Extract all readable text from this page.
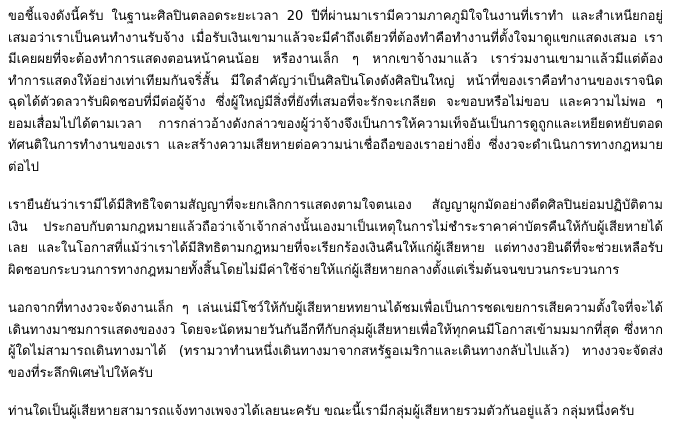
ขอชี้แจงดังนี้ครับ ในฐานะศิลปินตลอดระยะเวลา 20 ปีที่ผ่านมาเรามีความภาคภูมิใจในงานที่เราทำ และสำเหนียกอยู่เสมอว่าเราเป็นคนทำงานรับจ้าง เมื่อรับเงินเขามาแล้วจะมีคำถึงเดียวที่ต้องทำคือทำงานที่ตั้งใจมาดูแขกแสดงเสมอ เรามีเคยผยที่จะต้องทำการแสดงตอนหน้าคนน้อย หรืองานเล็ก ๆ หากเขาจ้างมาแล้ว เราร่วมงานเขามาแล้วมีแต่ต้องทำการแสดงให้อย่างเท่าเทียมกันจริ่สั้น มีใดลำคัญว่าเป็นศิลปินโดงดังศิลปินใหญ่ หน้าที่ของเราคือทำงานของเราจนิดฉุดได้ตัวดลวารับผิดชอบที่มีต่อผู้จ้าง ซึ่งผู้ใหญ่มีสิ่งที่ยังที่เสมอที่จะรักจะเกลียด จะขอบหรือไม่ขอบ และความไม่พอ ๆ ยอมเสื่อมไปได้ตามเวลา การกล่าวอ้างดังกล่าวของผู้ว่าจ้างจึงเป็นการให้ความเท็จอันเป็นการดูถูกและเหยียดหยับตอดทัศนติในการทำงานของเรา และสร้างความเสียหายต่อความน่าเชื่อถือของเราอย่างยิ่ง ซึ่งงวจะดำเนินการทางกฎหมายต่อไป

เรายืนยันว่าเรามีได้มีสิทธิใจตามสัญญาที่จะยกเลิกการแสดงตามใจตนเอง สัญญาผูกมัดอย่างดีดศิลปินย่อมปฏิบัติตามเงิน ประกอบกับตามกฎหมายแล้วถือว่าเจ้าเจ้ากล่างนั้นเองมาเป็นเหตุในการไม่ชำระราคาค่าบัตรคืนให้กับผู้เสียหายได้เลย และในโอกาสที่แม้ว่าเราได้มีสิทธิตามกฎหมายที่จะเรียกร้องเงินคืนให้แก่ผู้เสียหาย แต่ทางงวยินดีที่จะช่วยเหลือรับผิดชอบกระบวนการทางกฎหมายทั้งสิ้นโดยไม่มีค่าใช้จ่ายให้แก่ผู้เสียหายกลางตั้งแต่เริ่มต้นจนขบวนกระบวนการ

นอกจากที่ทางงวจะจัดงานเล็ก ๆ เล่นเน่มีโชว์ให้กับผู้เสียหายหทยานได้ชมเพื่อเป็นการชดเขยการเสียความตั้งใจที่จะได้เดินทางมาซมการแสดงของงว โดยจะนัดหมายวันกันอีกทีกับกลุ่มผู้เสียหายเพื่อให้ทุกคนมีโอกาสเข้ามมมากที่สุด ซึ่งหากผู้ใดไม่สามารถเดินทางมาได้ (ทรามวาทำนหนึ่งเดินทางมาจากสหรัฐอเมริกาและเดินทางกลับไปแล้ว) ทางงวจะจัดส่งของที่ระลึกพิเศษไปให้ครับ

ท่านใดเป็นผู้เสียหายสามารถแจ้งทางเพจงวได้เลยนะครับ ขณะนี้เรามีกลุ่มผู้เสียหายรวมตัวกันอยู่แล้ว กลุ่มหนึ่งครับ
